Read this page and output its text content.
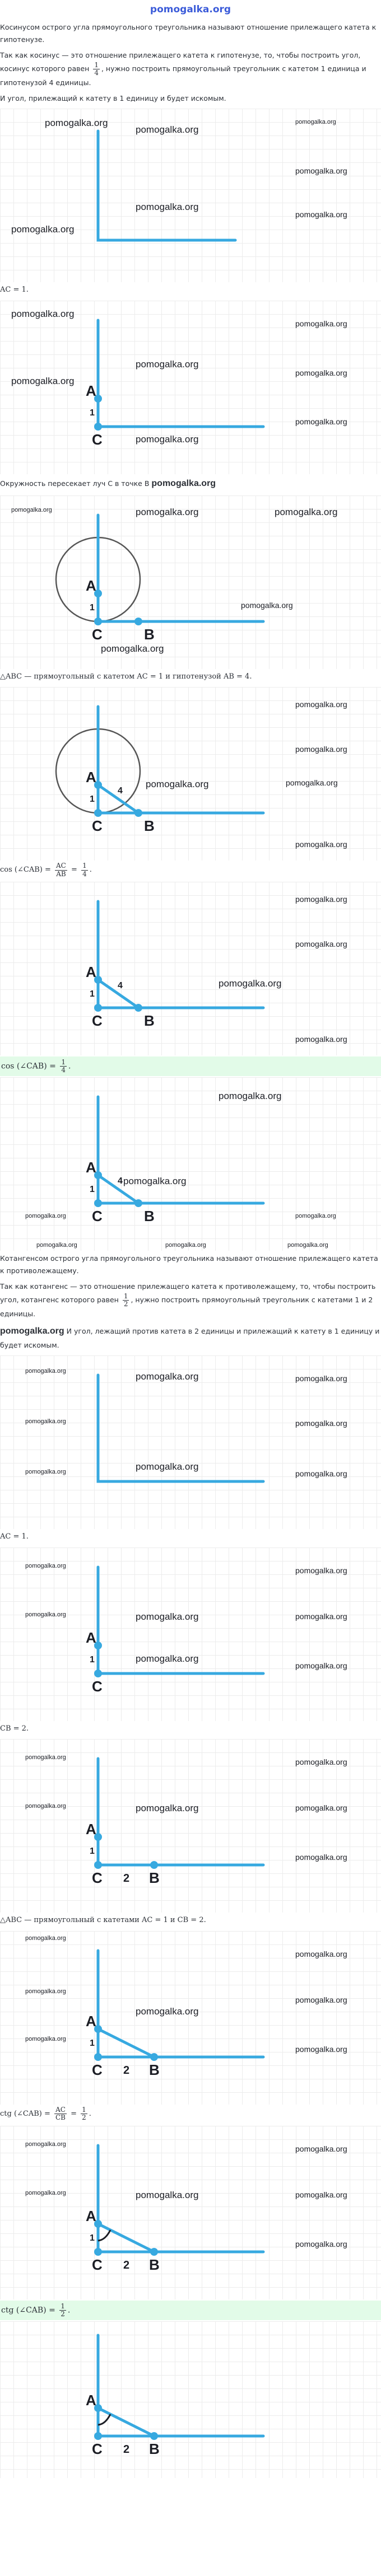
pomogalka.org

Косинусом острого угла прямоугольного треугольника называют отношение прилежащего катета к гипотенузе.

Так как косинус — это отношение прилежащего катета к гипотенузе, то, чтобы построить угол, косинус которого равен $\frac{1}{4}$ , нужно построить прямоугольный треугольник с катетом 1 единица и гипотенузой 4 единицы.

И угол, прилежащий к катету в 1 единицу и будет искомым.

pomogalka.org
pomogalka.org
pomogalka.org
pomogalka.org
pomogalka.org
pomogalka.org
pomogalka.org

AC = 1.

A
1
C
pomogalka.org
pomogalka.org
pomogalka.org
pomogalka.org
pomogalka.org
pomogalka.org
pomogalka.org

Окружность пересекает луч C в точке B pomogalka.org

A
1
C	B
pomogalka.org	pomogalka.org	pomogalka.org
pomogalka.org
pomogalka.org

△ABC — прямоугольный с катетом AC = 1 и гипотенузой AB = 4.

A
1
4
C	B
pomogalka.org
pomogalka.org
pomogalka.org	pomogalka.org
pomogalka.org

cos (∠CAB) = $\frac{AC}{AB} = \frac{1}{4}$ .

A
1
4
C	B
pomogalka.org
pomogalka.org
pomogalka.org
pomogalka.org

cos (∠CAB) = $\frac{1}{4}$ .

A
1
4
C	B
pomogalka.org
pomogalka.org
pomogalka.org	pomogalka.org
pomogalka.org	pomogalka.org	pomogalka.org

Котангенсом острого угла прямоугольного треугольника называют отношение прилежащего катета к противолежащему.

Так как котангенс — это отношение прилежащего катета к противолежащему, то, чтобы построить угол, котангенс которого равен $\frac{1}{2}$ , нужно построить прямоугольный треугольник с катетами 1 и 2 единицы.

pomogalka.org И угол, лежащий против катета в 2 единицы и прилежащий к катету в 1 единицу и будет искомым.

pomogalka.org	pomogalka.org	pomogalka.org
pomogalka.org	pomogalka.org
pomogalka.org	pomogalka.org
pomogalka.org

AC = 1.

A
1
C
pomogalka.org	pomogalka.org
pomogalka.org	pomogalka.org	pomogalka.org
pomogalka.org
pomogalka.org

CB = 2.

A
1
C 2 B
pomogalka.org	pomogalka.org
pomogalka.org	pomogalka.org	pomogalka.org
pomogalka.org

△ABC — прямоугольный с катетами AC = 1 и CB = 2.

A
1
C 2 B
pomogalka.org
pomogalka.org
pomogalka.org
pomogalka.org
pomogalka.org
pomogalka.org
pomogalka.org

ctg (∠CAB) = $\frac{AC}{CB} = \frac{1}{2}$ .

A
1
C 2 B
pomogalka.org	pomogalka.org
pomogalka.org	pomogalka.org	pomogalka.org
pomogalka.org

ctg (∠CAB) = $\frac{1}{2}$ .

A
C 2 B
